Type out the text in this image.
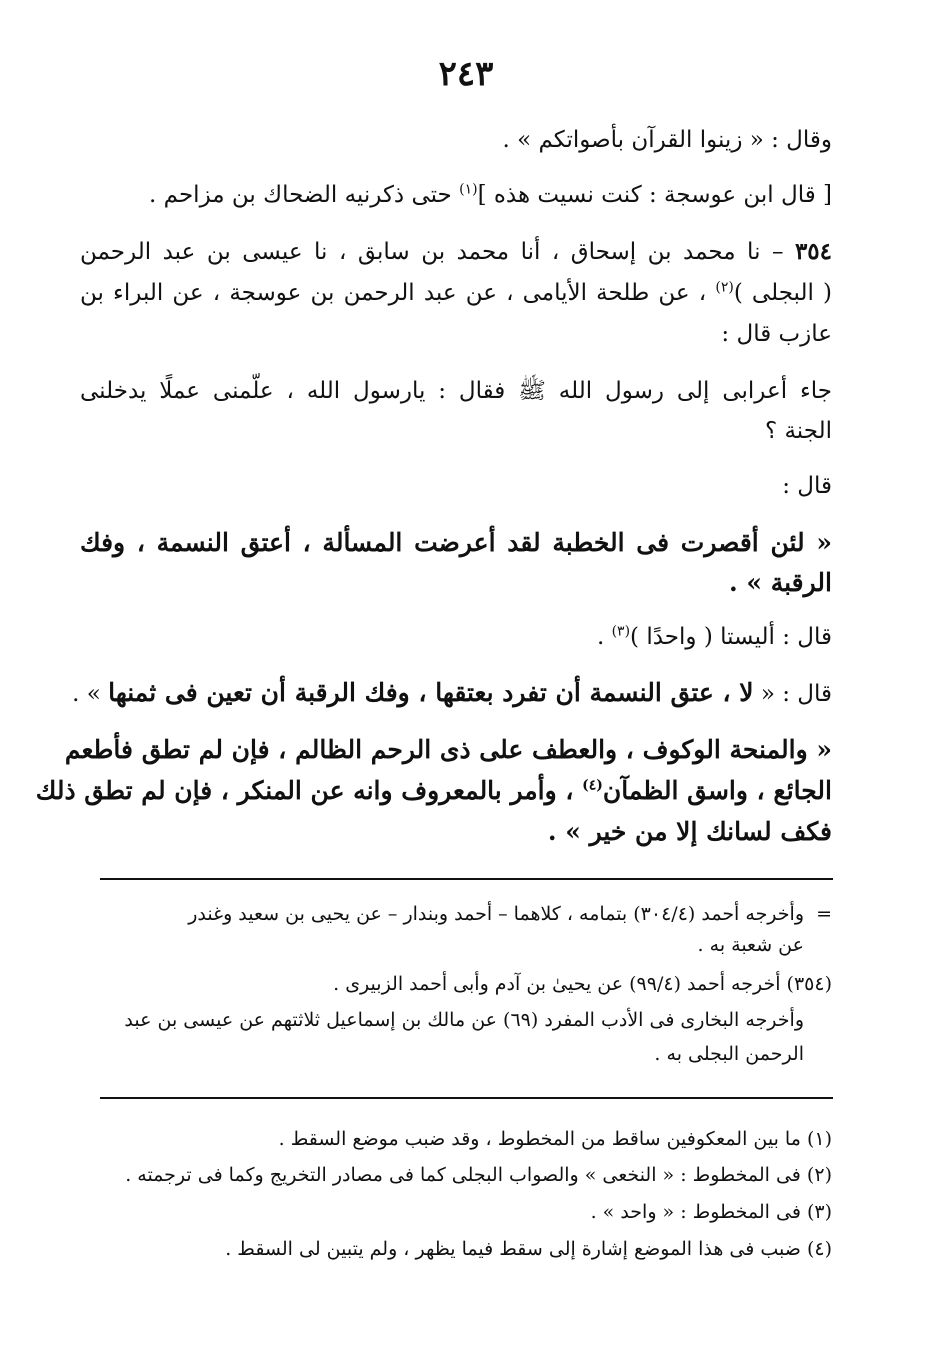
٢٤٣
وقال : « زينوا القرآن بأصواتكم » .
[ قال ابن عوسجة : كنت نسيت هذه ]$^{(١)}$ حتى ذكرنيه الضحاك بن مزاحم .
٣٥٤ – نا محمد بن إسحاق ، أنا محمد بن سابق ، نا عيسى بن عبد الرحمن
( البجلى )$^{(٢)}$ ، عن طلحة الأيامى ، عن عبد الرحمن بن عوسجة ، عن البراء بن
عازب قال :
جاء أعرابى إلى رسول الله ﷺ فقال : يارسول الله ، علّمنى عملًا يدخلنى
الجنة ؟
قال :
« لئن أقصرت فى الخطبة لقد أعرضت المسألة ، أعتق النسمة ، وفك
الرقبة » .
قال : أليستا ( واحدًا )$^{(٣)}$ .
قال : « لا ، عتق النسمة أن تفرد بعتقها ، وفك الرقبة أن تعين فى ثمنها » .
« والمنحة الوكوف ، والعطف على ذى الرحم الظالم ، فإن لم تطق فأطعم
الجائع ، واسق الظمآن$^{(٤)}$ ، وأمر بالمعروف وانه عن المنكر ، فإن لم تطق ذلك
فكف لسانك إلا من خير » .
=
وأخرجه أحمد (٣٠٤/٤) بتمامه ، كلاهما – أحمد وبندار – عن يحيى بن سعيد وغندر
عن شعبة به .
(٣٥٤) أخرجه أحمد (٩٩/٤) عن يحيىٰ بن آدم وأبى أحمد الزبيرى .
وأخرجه البخارى فى الأدب المفرد (٦٩) عن مالك بن إسماعيل ثلاثتهم عن عيسى بن عبد
الرحمن البجلى به .
(١) ما بين المعكوفين ساقط من المخطوط ، وقد ضبب موضع السقط .
(٢) فى المخطوط : « النخعى » والصواب البجلى كما فى مصادر التخريج وكما فى ترجمته .
(٣) فى المخطوط : « واحد » .
(٤) ضبب فى هذا الموضع إشارة إلى سقط فيما يظهر ، ولم يتبين لى السقط .
